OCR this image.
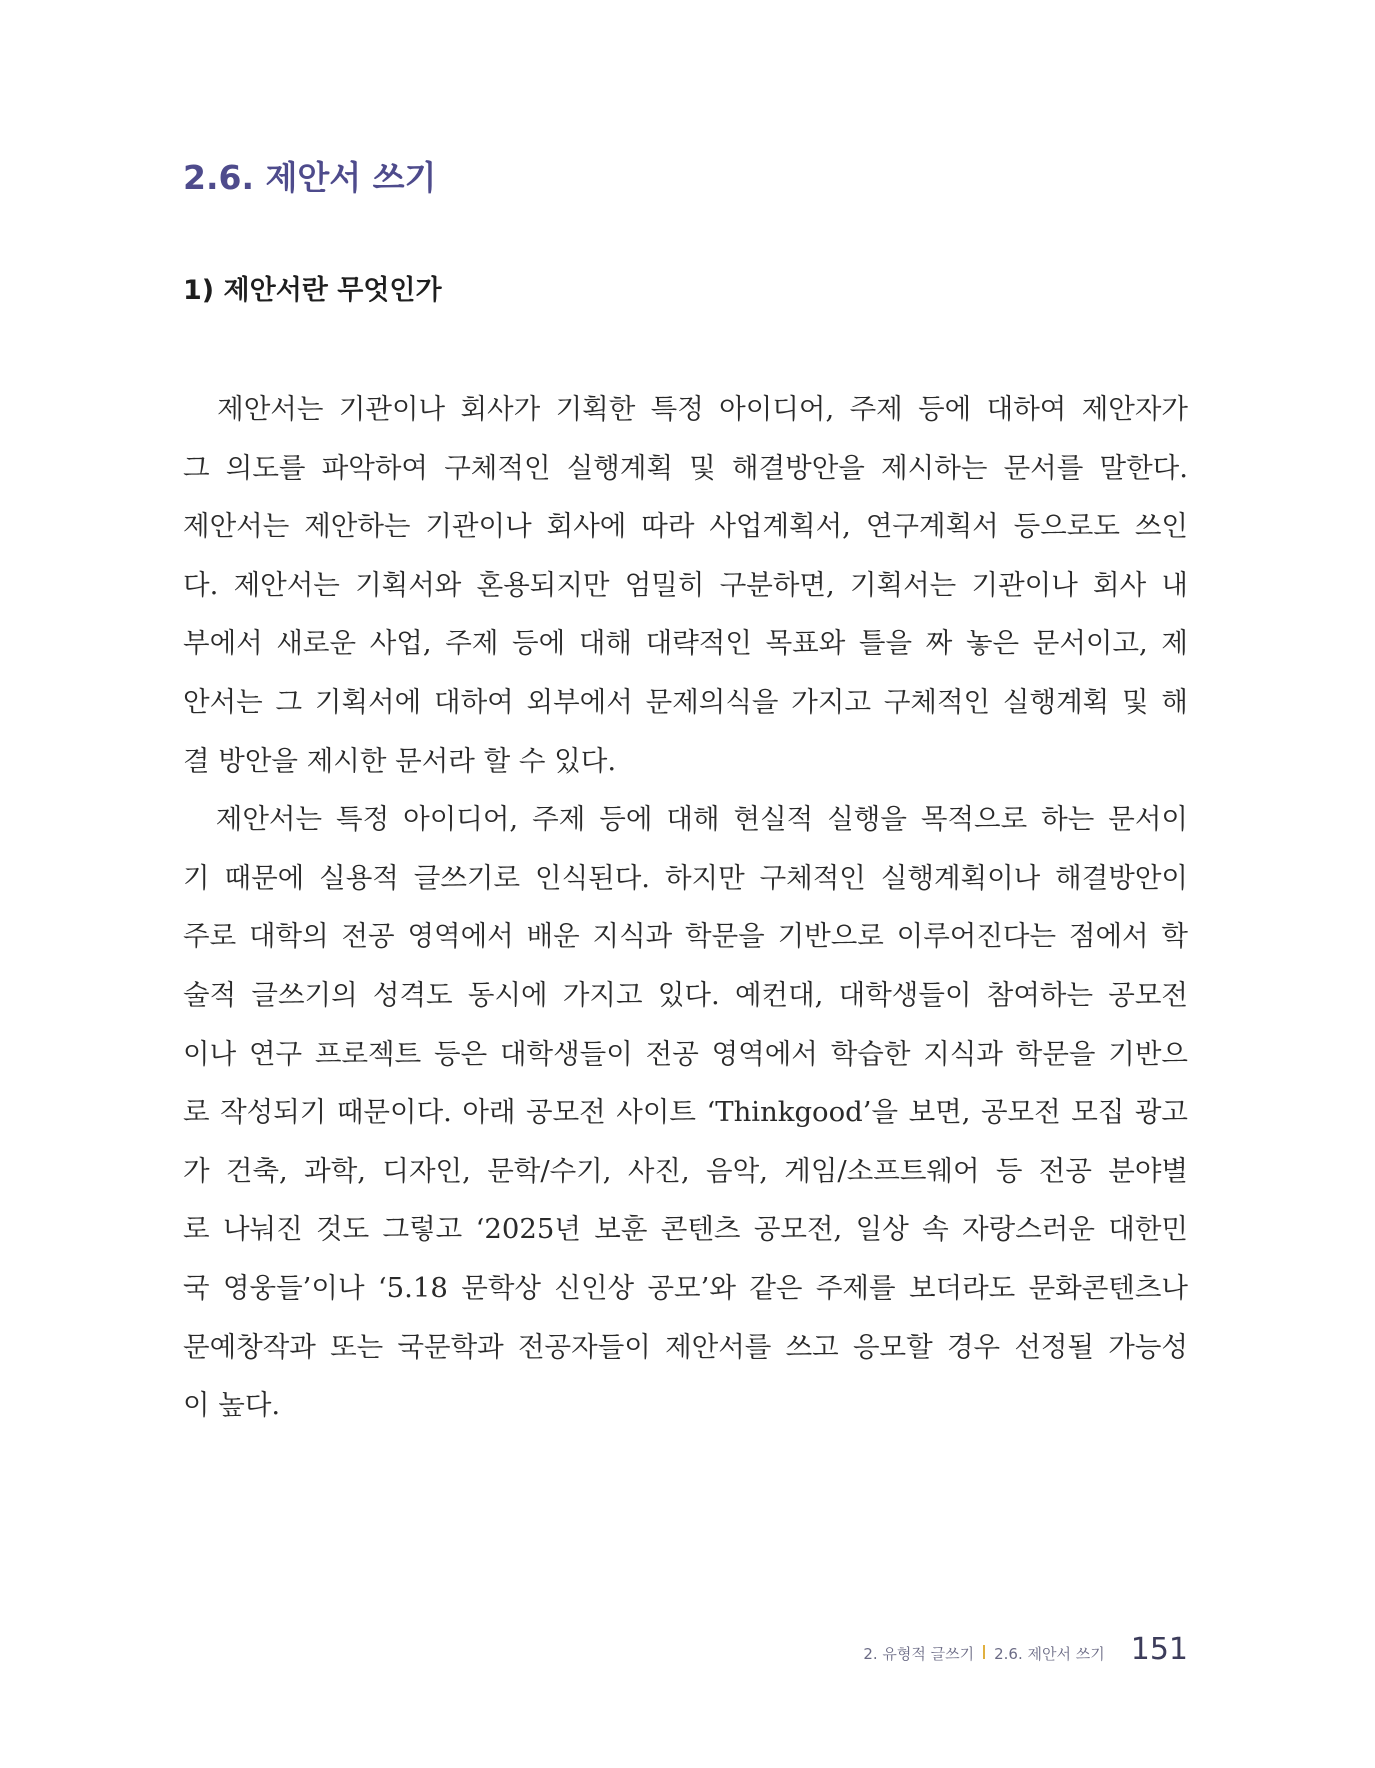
2.6. 제안서 쓰기
1) 제안서란 무엇인가
　제안서는 기관이나 회사가 기획한 특정 아이디어, 주제 등에 대하여 제안자가
그 의도를 파악하여 구체적인 실행계획 및 해결방안을 제시하는 문서를 말한다.
제안서는 제안하는 기관이나 회사에 따라 사업계획서, 연구계획서 등으로도 쓰인
다. 제안서는 기획서와 혼용되지만 엄밀히 구분하면, 기획서는 기관이나 회사 내
부에서 새로운 사업, 주제 등에 대해 대략적인 목표와 틀을 짜 놓은 문서이고, 제
안서는 그 기획서에 대하여 외부에서 문제의식을 가지고 구체적인 실행계획 및 해
결 방안을 제시한 문서라 할 수 있다.
　제안서는 특정 아이디어, 주제 등에 대해 현실적 실행을 목적으로 하는 문서이
기 때문에 실용적 글쓰기로 인식된다. 하지만 구체적인 실행계획이나 해결방안이
주로 대학의 전공 영역에서 배운 지식과 학문을 기반으로 이루어진다는 점에서 학
술적 글쓰기의 성격도 동시에 가지고 있다. 예컨대, 대학생들이 참여하는 공모전
이나 연구 프로젝트 등은 대학생들이 전공 영역에서 학습한 지식과 학문을 기반으
로 작성되기 때문이다. 아래 공모전 사이트 ‘Thinkgood’을 보면, 공모전 모집 광고
가 건축, 과학, 디자인, 문학/수기, 사진, 음악, 게임/소프트웨어 등 전공 분야별
로 나눠진 것도 그렇고 ‘2025년 보훈 콘텐츠 공모전, 일상 속 자랑스러운 대한민
국 영웅들’이나 ‘5.18 문학상 신인상 공모’와 같은 주제를 보더라도 문화콘텐츠나
문예창작과 또는 국문학과 전공자들이 제안서를 쓰고 응모할 경우 선정될 가능성
이 높다.
2. 유형적 글쓰기 2.6. 제안서 쓰기 151
